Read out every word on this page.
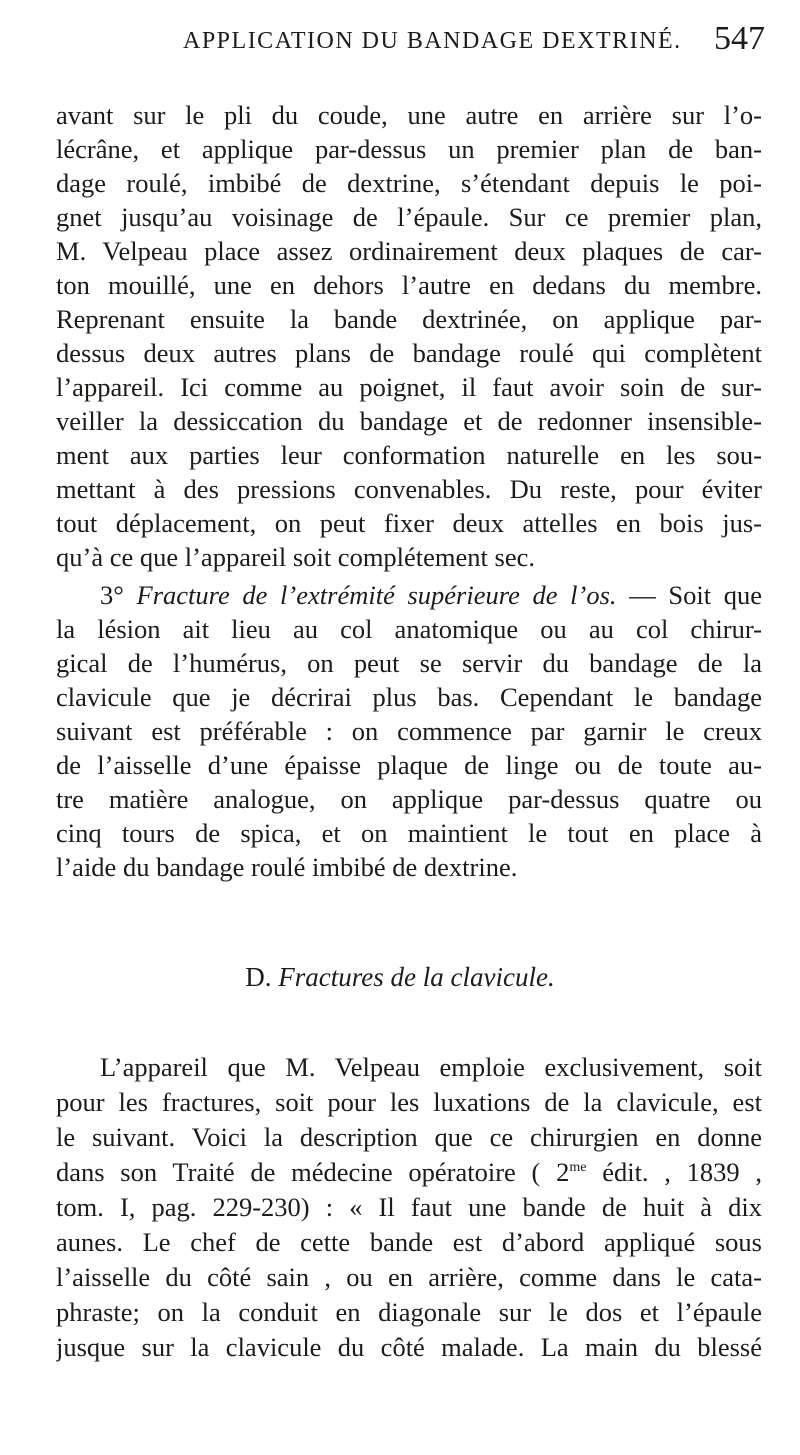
APPLICATION DU BANDAGE DEXTRINÉ. 547
avant sur le pli du coude, une autre en arrière sur l’o-
lécrâne, et applique par-dessus un premier plan de ban-
dage roulé, imbibé de dextrine, s’étendant depuis le poi-
gnet jusqu’au voisinage de l’épaule. Sur ce premier plan,
M. Velpeau place assez ordinairement deux plaques de car-
ton mouillé, une en dehors l’autre en dedans du membre.
Reprenant ensuite la bande dextrinée, on applique par-
dessus deux autres plans de bandage roulé qui complètent
l’appareil. Ici comme au poignet, il faut avoir soin de sur-
veiller la dessiccation du bandage et de redonner insensible-
ment aux parties leur conformation naturelle en les sou-
mettant à des pressions convenables. Du reste, pour éviter
tout déplacement, on peut fixer deux attelles en bois jus-
qu’à ce que l’appareil soit complétement sec.
3° Fracture de l’extrémité supérieure de l’os. — Soit que
la lésion ait lieu au col anatomique ou au col chirur-
gical de l’humérus, on peut se servir du bandage de la
clavicule que je décrirai plus bas. Cependant le bandage
suivant est préférable : on commence par garnir le creux
de l’aisselle d’une épaisse plaque de linge ou de toute au-
tre matière analogue, on applique par-dessus quatre ou
cinq tours de spica, et on maintient le tout en place à
l’aide du bandage roulé imbibé de dextrine.
D. Fractures de la clavicule.
L’appareil que M. Velpeau emploie exclusivement, soit
pour les fractures, soit pour les luxations de la clavicule, est
le suivant. Voici la description que ce chirurgien en donne
dans son Traité de médecine opératoire ( $2^{me}$ édit. , 1839 ,
tom. I, pag. 229-230) : « Il faut une bande de huit à dix
aunes. Le chef de cette bande est d’abord appliqué sous
l’aisselle du côté sain , ou en arrière, comme dans le cata-
phraste; on la conduit en diagonale sur le dos et l’épaule
jusque sur la clavicule du côté malade. La main du blessé
